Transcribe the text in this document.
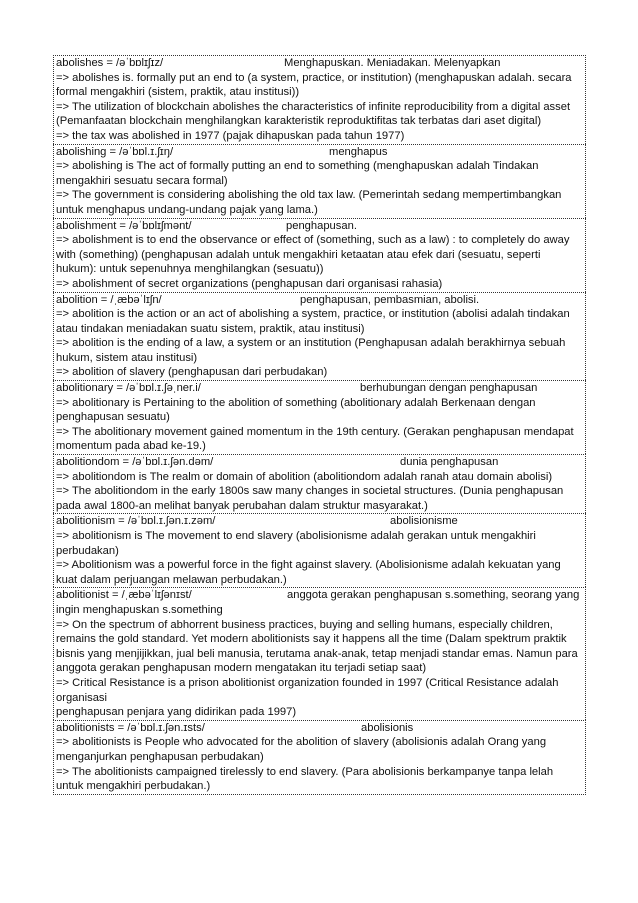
abolishes = /əˈbɒlɪʃɪz/	Menghapuskan. Meniadakan. Melenyapkan
=> abolishes is. formally put an end to (a system, practice, or institution) (menghapuskan adalah. secara formal mengakhiri (sistem, praktik, atau institusi))
=> The utilization of blockchain abolishes the characteristics of infinite reproducibility from a digital asset (Pemanfaatan blockchain menghilangkan karakteristik reproduktifitas tak terbatas dari aset digital)
=> the tax was abolished in 1977 (pajak dihapuskan pada tahun 1977)
abolishing = /əˈbɒl.ɪ.ʃɪŋ/	menghapus
=> abolishing is The act of formally putting an end to something (menghapuskan adalah Tindakan mengakhiri sesuatu secara formal)
=> The government is considering abolishing the old tax law. (Pemerintah sedang mempertimbangkan untuk menghapus undang-undang pajak yang lama.)
abolishment = /əˈbɒlɪʃmənt/	penghapusan.
=> abolishment is to end the observance or effect of (something, such as a law) : to completely do away with (something) (penghapusan adalah untuk mengakhiri ketaatan atau efek dari (sesuatu, seperti hukum): untuk sepenuhnya menghilangkan (sesuatu))
=> abolishment of secret organizations (penghapusan dari organisasi rahasia)
abolition = /ˌæbəˈlɪʃn/	penghapusan, pembasmian, abolisi.
=> abolition is the action or an act of abolishing a system, practice, or institution (abolisi adalah tindakan atau tindakan meniadakan suatu sistem, praktik, atau institusi)
=> abolition is the ending of a law, a system or an institution (Penghapusan adalah berakhirnya sebuah hukum, sistem atau institusi)
=> abolition of slavery (penghapusan dari perbudakan)
abolitionary = /əˈbɒl.ɪ.ʃəˌner.i/	berhubungan dengan penghapusan
=> abolitionary is Pertaining to the abolition of something (abolitionary adalah Berkenaan dengan penghapusan sesuatu)
=> The abolitionary movement gained momentum in the 19th century. (Gerakan penghapusan mendapat momentum pada abad ke-19.)
abolitiondom = /əˈbɒl.ɪ.ʃən.dəm/	dunia penghapusan
=> abolitiondom is The realm or domain of abolition (abolitiondom adalah ranah atau domain abolisi)
=> The abolitiondom in the early 1800s saw many changes in societal structures. (Dunia penghapusan pada awal 1800-an melihat banyak perubahan dalam struktur masyarakat.)
abolitionism = /əˈbɒl.ɪ.ʃən.ɪ.zəm/	abolisionisme
=> abolitionism is The movement to end slavery (abolisionisme adalah gerakan untuk mengakhiri perbudakan)
=> Abolitionism was a powerful force in the fight against slavery. (Abolisionisme adalah kekuatan yang kuat dalam perjuangan melawan perbudakan.)
abolitionist = /ˌæbəˈlɪʃənɪst/	anggota gerakan penghapusan s.something, seorang yang
ingin menghapuskan s.something
=> On the spectrum of abhorrent business practices, buying and selling humans, especially children, remains the gold standard. Yet modern abolitionists say it happens all the time (Dalam spektrum praktik bisnis yang menjijikkan, jual beli manusia, terutama anak-anak, tetap menjadi standar emas. Namun para anggota gerakan penghapusan modern mengatakan itu terjadi setiap saat)
=> Critical Resistance is a prison abolitionist organization founded in 1997 (Critical Resistance adalah organisasi
penghapusan penjara yang didirikan pada 1997)
abolitionists = /əˈbɒl.ɪ.ʃən.ɪsts/	abolisionis
=> abolitionists is People who advocated for the abolition of slavery (abolisionis adalah Orang yang menganjurkan penghapusan perbudakan)
=> The abolitionists campaigned tirelessly to end slavery. (Para abolisionis berkampanye tanpa lelah untuk mengakhiri perbudakan.)
